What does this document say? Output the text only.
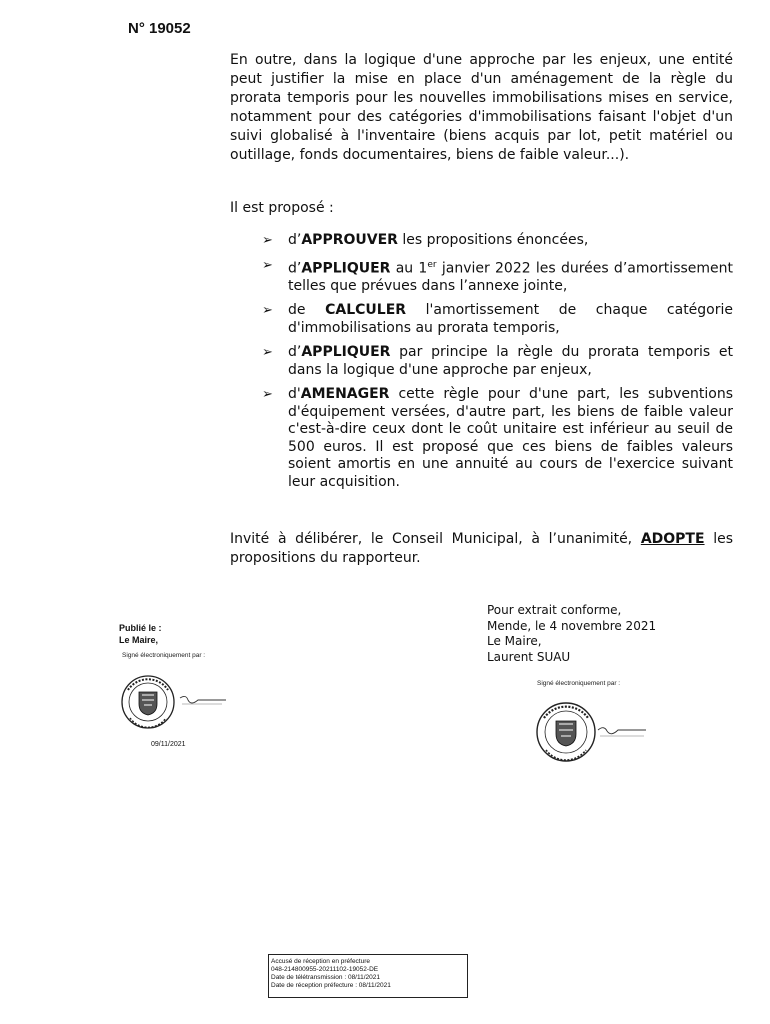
N° 19052
En outre, dans la logique d'une approche par les enjeux, une entité peut justifier la mise en place d'un aménagement de la règle du prorata temporis pour les nouvelles immobilisations mises en service, notamment pour des catégories d'immobilisations faisant l'objet d'un suivi globalisé à l'inventaire (biens acquis par lot, petit matériel ou outillage, fonds documentaires, biens de faible valeur...).
Il est proposé :
➢ d’APPROUVER les propositions énoncées,
➢ d’APPLIQUER au 1er janvier 2022 les durées d’amortissement telles que prévues dans l’annexe jointe,
➢ de CALCULER l'amortissement de chaque catégorie d'immobilisations au prorata temporis,
➢ d’APPLIQUER par principe la règle du prorata temporis et dans la logique d'une approche par enjeux,
➢ d'AMENAGER cette règle pour d'une part, les subventions d'équipement versées, d'autre part, les biens de faible valeur c'est-à-dire ceux dont le coût unitaire est inférieur au seuil de 500 euros. Il est proposé que ces biens de faibles valeurs soient amortis en une annuité au cours de l'exercice suivant leur acquisition.
Invité à délibérer, le Conseil Municipal, à l’unanimité, ADOPTE les propositions du rapporteur.
Publié le :
Le Maire,
Signé électroniquement par :
09/11/2021
Pour extrait conforme,
Mende, le 4 novembre 2021
Le Maire,
Laurent SUAU
Signé électroniquement par :
Accusé de réception en préfecture
048-214800955-20211102-19052-DE
Date de télétransmission : 08/11/2021
Date de réception préfecture : 08/11/2021
